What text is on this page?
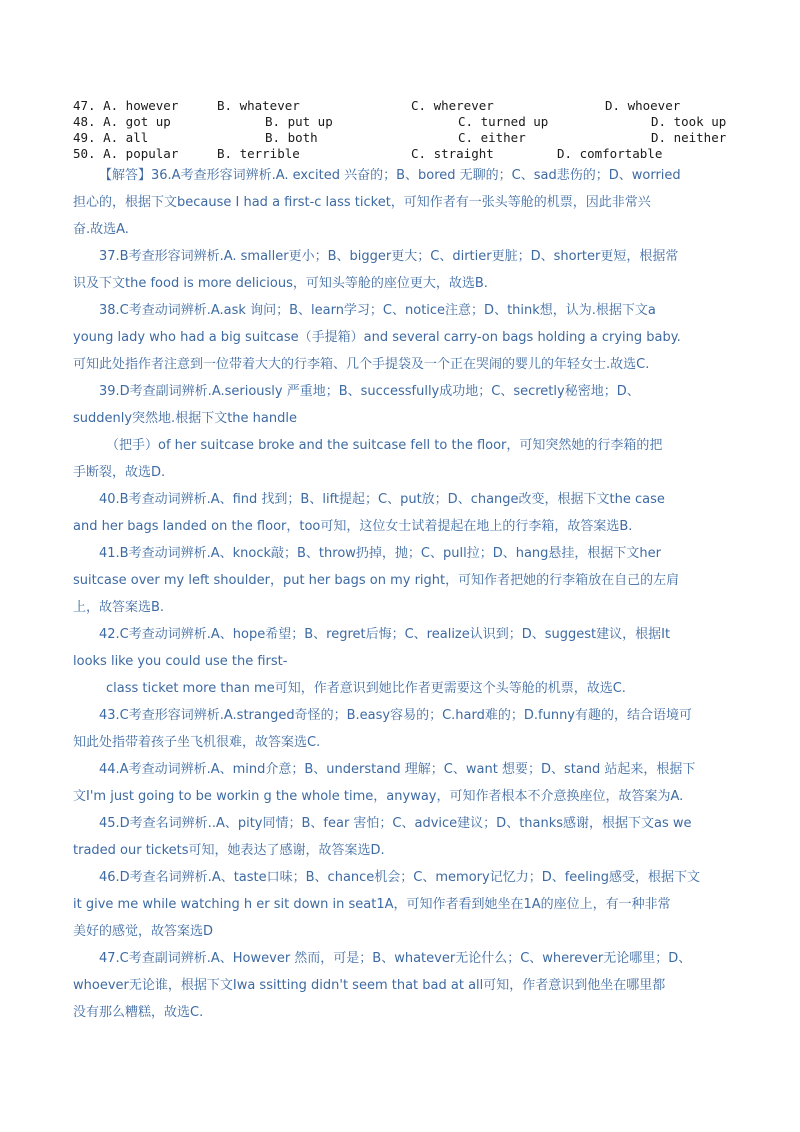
47. A. however	B. whatever	C. wherever	D. whoever
48. A. got up	B. put up	C. turned up	D. took up
49. A. all	B. both	C. either	D. neither
50. A. popular	B. terrible	C. straight	D. comfortable
【解答】36.A考查形容词辨析.A. excited 兴奋的；B、bored 无聊的；C、sad悲伤的；D、worried
担心的，根据下文because I had a first-c lass ticket，可知作者有一张头等舱的机票，因此非常兴
奋.故选A.
37.B考查形容词辨析.A. smaller更小；B、bigger更大；C、dirtier更脏；D、shorter更短，根据常
识及下文the food is more delicious，可知头等舱的座位更大，故选B.
38.C考查动词辨析.A.ask 询问；B、learn学习；C、notice注意；D、think想，认为.根据下文a
young lady who had a big suitcase（手提箱）and several carry-on bags holding a crying baby.
可知此处指作者注意到一位带着大大的行李箱、几个手提袋及一个正在哭闹的婴儿的年轻女士.故选C.
39.D考查副词辨析.A.seriously 严重地；B、successfully成功地；C、secretly秘密地；D、
suddenly突然地.根据下文the handle
（把手）of her suitcase broke and the suitcase fell to the floor，可知突然她的行李箱的把
手断裂，故选D.
40.B考查动词辨析.A、find 找到；B、lift提起；C、put放；D、change改变，根据下文the case
and her bags landed on the floor，too可知，这位女士试着提起在地上的行李箱，故答案选B.
41.B考查动词辨析.A、knock敲；B、throw扔掉，抛；C、pull拉；D、hang悬挂，根据下文her
suitcase over my left shoulder，put her bags on my right，可知作者把她的行李箱放在自己的左肩
上，故答案选B.
42.C考查动词辨析.A、hope希望；B、regret后悔；C、realize认识到；D、suggest建议，根据It
looks like you could use the first-
class ticket more than me可知，作者意识到她比作者更需要这个头等舱的机票，故选C.
43.C考查形容词辨析.A.stranged奇怪的；B.easy容易的；C.hard难的；D.funny有趣的，结合语境可
知此处指带着孩子坐飞机很难，故答案选C.
44.A考查动词辨析.A、mind介意；B、understand 理解；C、want 想要；D、stand 站起来，根据下
文I'm just going to be workin g the whole time，anyway，可知作者根本不介意换座位，故答案为A.
45.D考查名词辨析..A、pity同情；B、fear 害怕；C、advice建议；D、thanks感谢，根据下文as we
traded our tickets可知，她表达了感谢，故答案选D.
46.D考查名词辨析.A、taste口味；B、chance机会；C、memory记忆力；D、feeling感受，根据下文
it give me while watching h er sit down in seat1A，可知作者看到她坐在1A的座位上，有一种非常
美好的感觉，故答案选D
47.C考查副词辨析.A、However 然而，可是；B、whatever无论什么；C、wherever无论哪里；D、
whoever无论谁，根据下文Iwa ssitting didn't seem that bad at all可知，作者意识到他坐在哪里都
没有那么糟糕，故选C.
